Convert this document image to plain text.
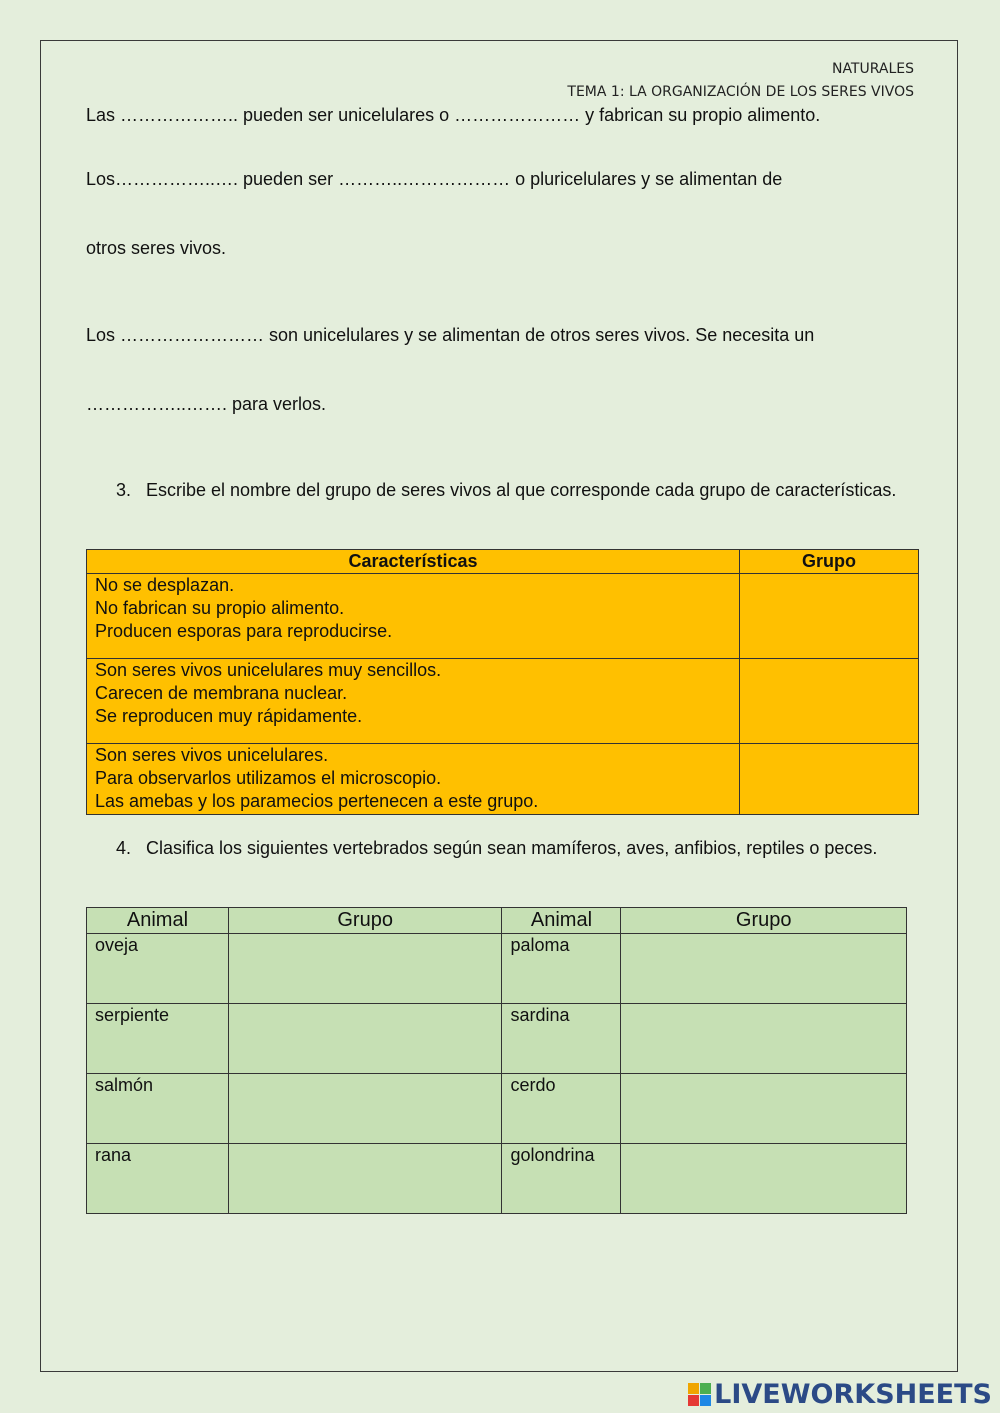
NATURALES
TEMA 1: LA ORGANIZACIÓN DE LOS SERES VIVOS
Las ……………….. pueden ser unicelulares o ………………… y fabrican su propio alimento.
Los……………..…. pueden ser ………..……………… o pluricelulares y se alimentan de
otros seres vivos.
Los …………………… son unicelulares y se alimentan de otros seres vivos. Se necesita un
……………..……. para verlos.
3. Escribe el nombre del grupo de seres vivos al que corresponde cada grupo de características.
Características	Grupo

No se desplazan.
No fabrican su propio alimento.
Producen esporas para reproducirse.	

Son seres vivos unicelulares muy sencillos.
Carecen de membrana nuclear.
Se reproducen muy rápidamente.	

Son seres vivos unicelulares.
Para observarlos utilizamos el microscopio.
Las amebas y los paramecios pertenecen a este grupo.	

4. Clasifica los siguientes vertebrados según sean mamíferos, aves, anfibios, reptiles o peces.
Animal	Grupo	Animal	Grupo
oveja		paloma	
serpiente		sardina	
salmón		cerdo	
rana		golondrina	
LIVEWORKSHEETS
